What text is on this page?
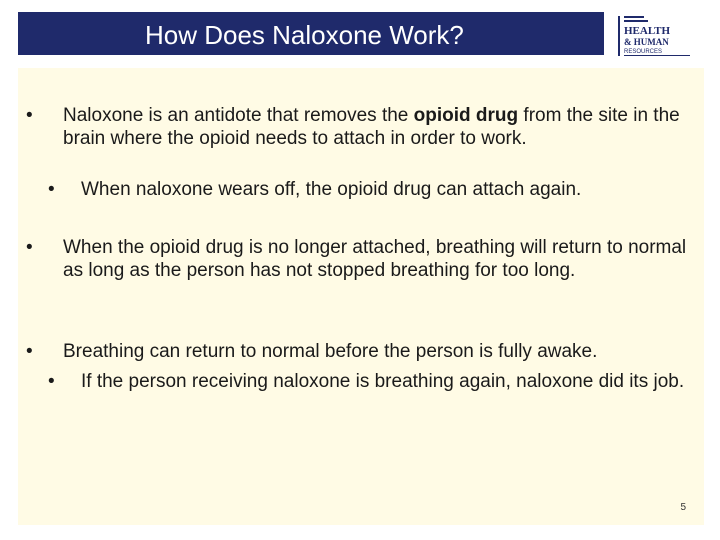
How Does Naloxone Work?	HEALTH
& HUMAN
RESOURCES
•	Naloxone is an antidote that removes the opioid drug from the site in the brain where the opioid needs to attach in order to work.
•	When naloxone wears off, the opioid drug can attach again.
•	When the opioid drug is no longer attached, breathing will return to normal as long as the person has not stopped breathing for too long.
•	Breathing can return to normal before the person is fully awake.
•	If the person receiving naloxone is breathing again, naloxone did its job.
5
